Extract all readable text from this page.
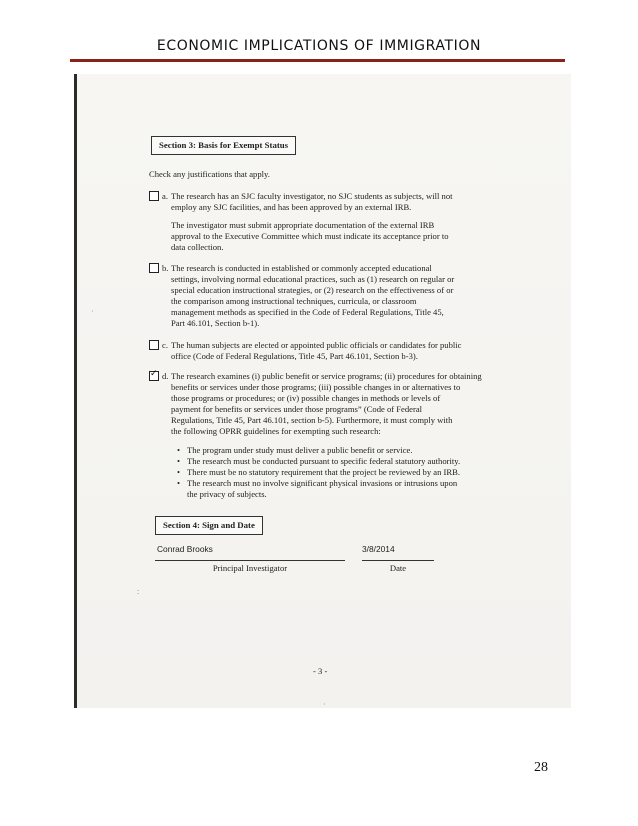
ECONOMIC IMPLICATIONS OF IMMIGRATION
Section 3: Basis for Exempt Status
Check any justifications that apply.
a. The research has an SJC faculty investigator, no SJC students as subjects, will not
employ any SJC facilities, and has been approved by an external IRB.
The investigator must submit appropriate documentation of the external IRB
approval to the Executive Committee which must indicate its acceptance prior to
data collection.
b. The research is conducted in established or commonly accepted educational
settings, involving normal educational practices, such as (1) research on regular or
special education instructional strategies, or (2) research on the effectiveness of or
the comparison among instructional techniques, curricula, or classroom
management methods as specified in the Code of Federal Regulations, Title 45,
Part 46.101, Section b-1).
c. The human subjects are elected or appointed public officials or candidates for public
office (Code of Federal Regulations, Title 45, Part 46.101, Section b-3).
✓
d. The research examines (i) public benefit or service programs; (ii) procedures for obtaining
benefits or services under those programs; (iii) possible changes in or alternatives to
those programs or procedures; or (iv) possible changes in methods or levels of
payment for benefits or services under those programs” (Code of Federal
Regulations, Title 45, Part 46.101, section b-5). Furthermore, it must comply with
the following OPRR guidelines for exempting such research:
• The program under study must deliver a public benefit or service.
• The research must be conducted pursuant to specific federal statutory authority.
• There must be no statutory requirement that the project be reviewed by an IRB.
• The research must no involve significant physical invasions or intrusions upon
the privacy of subjects.
Section 4: Sign and Date
Conrad Brooks	3/8/2014
Principal Investigator	Date
- 3 -
·
:
·
28
